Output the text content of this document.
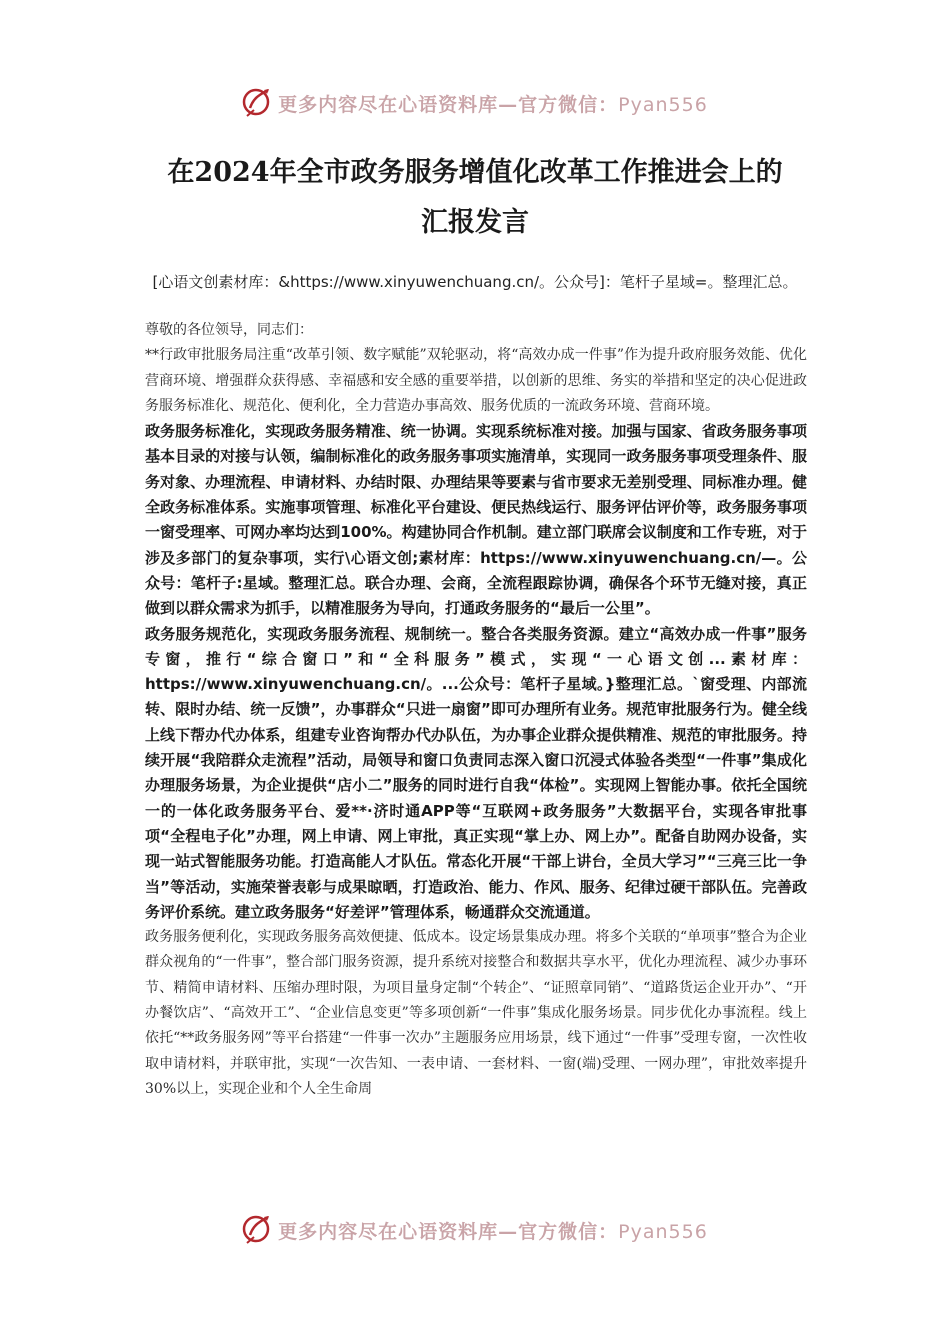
更多内容尽在心语资料库—官方微信：Pyan556
在2024年全市政务服务增值化改革工作推进会上的
汇报发言
[心语文创素材库：&https://www.xinyuwenchuang.cn/。公众号]：笔杆子星域=。整理汇总。

尊敬的各位领导，同志们：

**行政审批服务局注重“改革引领、数字赋能”双轮驱动，将“高效办成一件事”作为提升政府服务效能、优化营商环境、增强群众获得感、幸福感和安全感的重要举措，以创新的思维、务实的举措和坚定的决心促进政务服务标准化、规范化、便利化，全力营造办事高效、服务优质的一流政务环境、营商环境。

政务服务标准化，实现政务服务精准、统一协调。实现系统标准对接。加强与国家、省政务服务事项基本目录的对接与认领，编制标准化的政务服务事项实施清单，实现同一政务服务事项受理条件、服务对象、办理流程、申请材料、办结时限、办理结果等要素与省市要求无差别受理、同标准办理。健全政务标准体系。实施事项管理、标准化平台建设、便民热线运行、服务评估评价等，政务服务事项一窗受理率、可网办率均达到100%。构建协同合作机制。建立部门联席会议制度和工作专班，对于涉及多部门的复杂事项，实行\心语文创;素材库：https://www.xinyuwenchuang.cn/—。公众号：笔杆子:星域。整理汇总。联合办理、会商，全流程跟踪协调，确保各个环节无缝对接，真正做到以群众需求为抓手，以精准服务为导向，打通政务服务的“最后一公里”。

政务服务规范化，实现政务服务流程、规制统一。整合各类服务资源。建立“高效办成一件事”服务专窗，推行“综合窗口”和“全科服务”模式，实现“一心语文创...素材库：https://www.xinyuwenchuang.cn/。...公众号：笔杆子星域。}整理汇总。`窗受理、内部流转、限时办结、统一反馈”，办事群众“只进一扇窗”即可办理所有业务。规范审批服务行为。健全线上线下帮办代办体系，组建专业咨询帮办代办队伍，为办事企业群众提供精准、规范的审批服务。持续开展“我陪群众走流程”活动，局领导和窗口负责同志深入窗口沉浸式体验各类型“一件事”集成化办理服务场景，为企业提供“店小二”服务的同时进行自我“体检”。实现网上智能办事。依托全国统一的一体化政务服务平台、爱**·济时通APP等“互联网+政务服务”大数据平台，实现各审批事项“全程电子化”办理，网上申请、网上审批，真正实现“掌上办、网上办”。配备自助网办设备，实现一站式智能服务功能。打造高能人才队伍。常态化开展“干部上讲台，全员大学习”“三亮三比一争当”等活动，实施荣誉表彰与成果晾晒，打造政治、能力、作风、服务、纪律过硬干部队伍。完善政务评价系统。建立政务服务“好差评”管理体系，畅通群众交流通道。

政务服务便利化，实现政务服务高效便捷、低成本。设定场景集成办理。将多个关联的“单项事”整合为企业群众视角的“一件事”，整合部门服务资源，提升系统对接整合和数据共享水平，优化办理流程、减少办事环节、精简申请材料、压缩办理时限，为项目量身定制“个转企”、“证照章同销”、“道路货运企业开办”、“开办餐饮店”、“高效开工”、“企业信息变更”等多项创新“一件事”集成化服务场景。同步优化办事流程。线上依托“**政务服务网”等平台搭建“一件事一次办”主题服务应用场景，线下通过“一件事”受理专窗，一次性收取申请材料，并联审批，实现“一次告知、一表申请、一套材料、一窗(端)受理、一网办理”，审批效率提升30%以上，实现企业和个人全生命周

更多内容尽在心语资料库—官方微信：Pyan556
